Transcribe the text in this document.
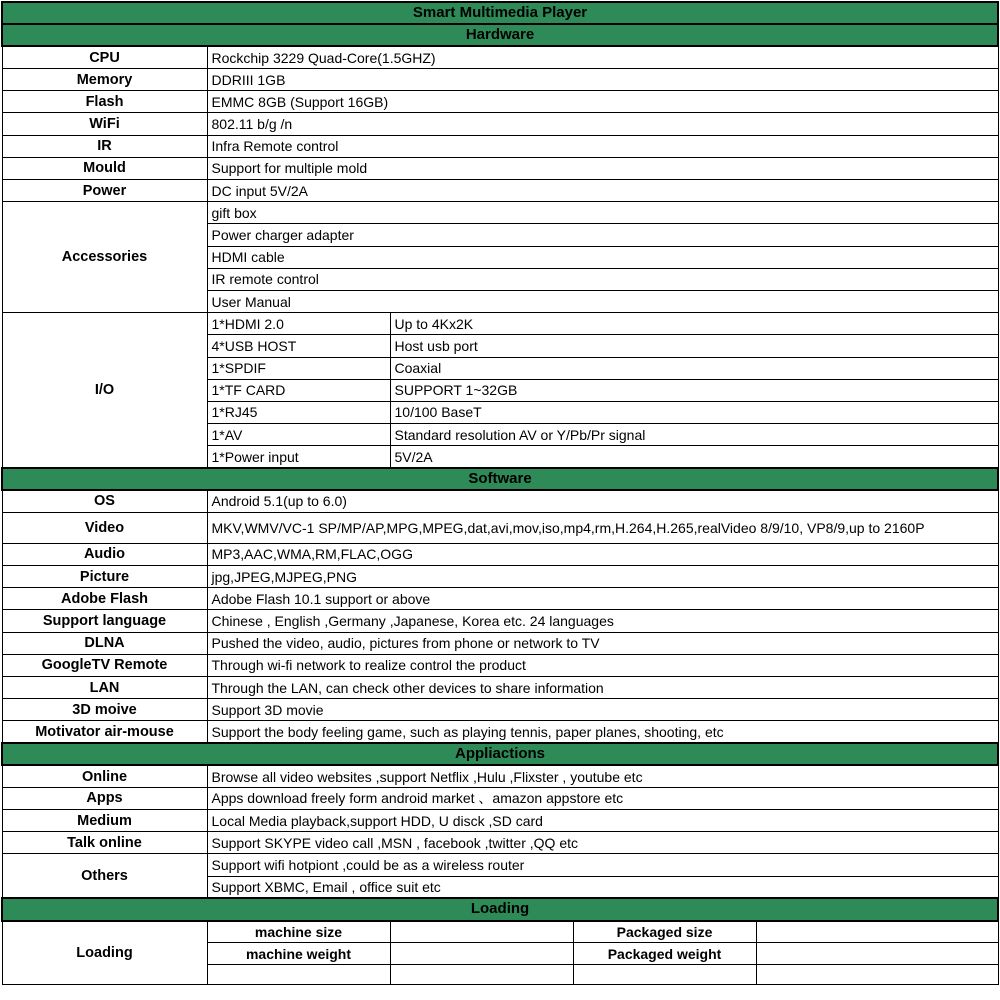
Smart Multimedia Player				
Hardware				
CPU	Rockchip 3229 Quad-Core(1.5GHZ)			
Memory	DDRIII 1GB			
Flash	EMMC 8GB (Support 16GB)			
WiFi	802.11 b/g /n			
IR	Infra Remote control			
Mould	Support for multiple mold			
Power	DC input 5V/2A			
Accessories	gift box			
	Power charger adapter			
	HDMI cable			
	IR remote control			
	User Manual			
I/O	1*HDMI 2.0	Up to 4Kx2K		
	4*USB HOST	Host usb port		
	1*SPDIF	Coaxial		
	1*TF CARD	SUPPORT 1~32GB		
	1*RJ45	10/100 BaseT		
	1*AV	Standard resolution AV or Y/Pb/Pr signal		
	1*Power input	5V/2A		
Software				
OS	Android 5.1(up to 6.0)			
Video	MKV,WMV/VC-1 SP/MP/AP,MPG,MPEG,dat,avi,mov,iso,mp4,rm,H.264,H.265,realVideo 8/9/10, VP8/9,up to 2160P			
Audio	MP3,AAC,WMA,RM,FLAC,OGG			
Picture	jpg,JPEG,MJPEG,PNG			
Adobe Flash	Adobe Flash 10.1 support or above			
Support language	Chinese , English ,Germany ,Japanese, Korea etc. 24 languages			
DLNA	Pushed the video, audio, pictures from phone or network to TV			
GoogleTV Remote	Through wi-fi network to realize control the product			
LAN	Through the LAN, can check other devices to share information			
3D moive	Support 3D movie			
Motivator air-mouse	Support the body feeling game, such as playing tennis, paper planes, shooting, etc			
Appliactions				
Online	Browse all video websites ,support Netflix ,Hulu ,Flixster , youtube etc			
Apps	Apps download freely form android market 、amazon appstore etc			
Medium	Local Media playback,support HDD, U disck ,SD card			
Talk online	Support SKYPE video call ,MSN , facebook ,twitter ,QQ etc			
Others	Support wifi hotpiont ,could be as a wireless router			
	Support XBMC, Email , office suit etc			
Loading				
Loading	machine size		Packaged size	
	machine weight		Packaged weight	
